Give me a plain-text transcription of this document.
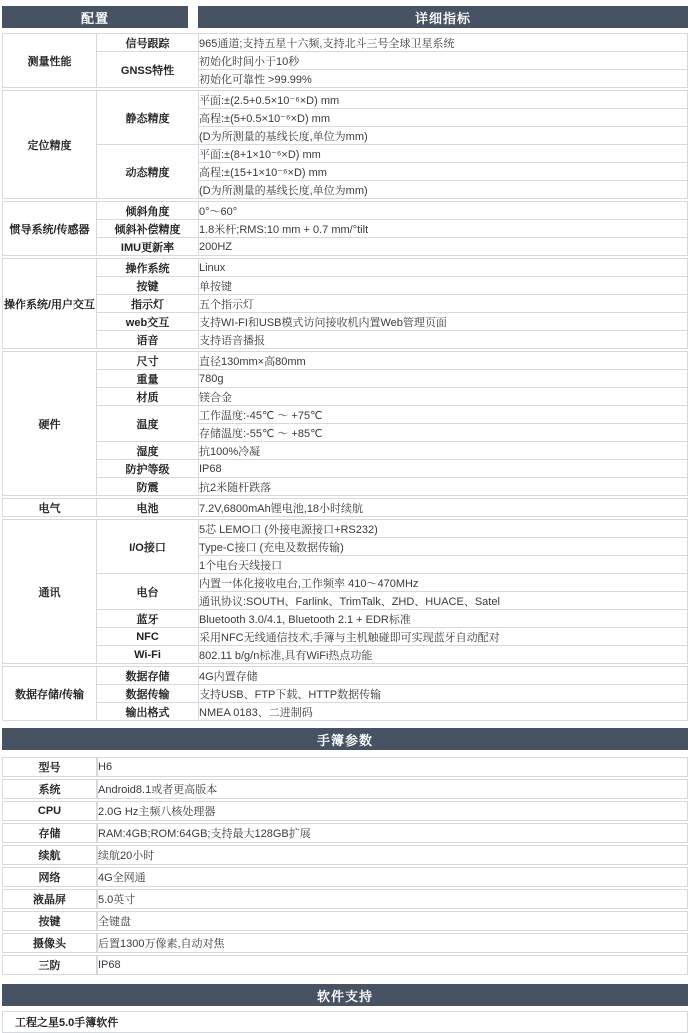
配置	详细指标
测量性能	信号跟踪	965通道;支持五星十六频,支持北斗三号全球卫星系统
	GNSS特性	初始化时间小于10秒
		初始化可靠性 >99.99%
定位精度	静态精度	平面:±(2.5+0.5×10⁻⁶×D) mm
		高程:±(5+0.5×10⁻⁶×D) mm
		(D为所测量的基线长度,单位为mm)
	动态精度	平面:±(8+1×10⁻⁶×D) mm
		高程:±(15+1×10⁻⁶×D) mm
		(D为所测量的基线长度,单位为mm)
惯导系统/传感器	倾斜角度	0°～60°
	倾斜补偿精度	1.8米杆;RMS:10 mm + 0.7 mm/°tilt
	IMU更新率	200HZ
操作系统/用户交互	操作系统	Linux
	按键	单按键
	指示灯	五个指示灯
	web交互	支持WI-FI和USB模式访问接收机内置Web管理页面
	语音	支持语音播报
硬件	尺寸	直径130mm×高80mm
	重量	780g
	材质	镁合金
	温度	工作温度:-45℃ ～ +75℃
		存储温度:-55℃ ～ +85℃
	湿度	抗100%冷凝
	防护等级	IP68
	防震	抗2米随杆跌落
电气	电池	7.2V,6800mAh锂电池,18小时续航
通讯	I/O接口	5芯 LEMO口 (外接电源接口+RS232)
		Type-C接口 (充电及数据传输)
		1个电台天线接口
	电台	内置一体化接收电台,工作频率 410～470MHz
		通讯协议:SOUTH、Farlink、TrimTalk、ZHD、HUACE、Satel
	蓝牙	Bluetooth 3.0/4.1, Bluetooth 2.1 + EDR标准
	NFC	采用NFC无线通信技术,手簿与主机触碰即可实现蓝牙自动配对
	Wi-Fi	802.11 b/g/n标准,具有WiFi热点功能
数据存储/传输	数据存储	4G内置存储
	数据传输	支持USB、FTP下载、HTTP数据传输
	输出格式	NMEA 0183、二进制码
手簿参数
型号	H6
系统	Android8.1或者更高版本
CPU	2.0G Hz主频八核处理器
存储	RAM:4GB;ROM:64GB;支持最大128GB扩展
续航	续航20小时
网络	4G全网通
液晶屏	5.0英寸
按键	全键盘
摄像头	后置1300万像素,自动对焦
三防	IP68
软件支持
工程之星5.0手簿软件
